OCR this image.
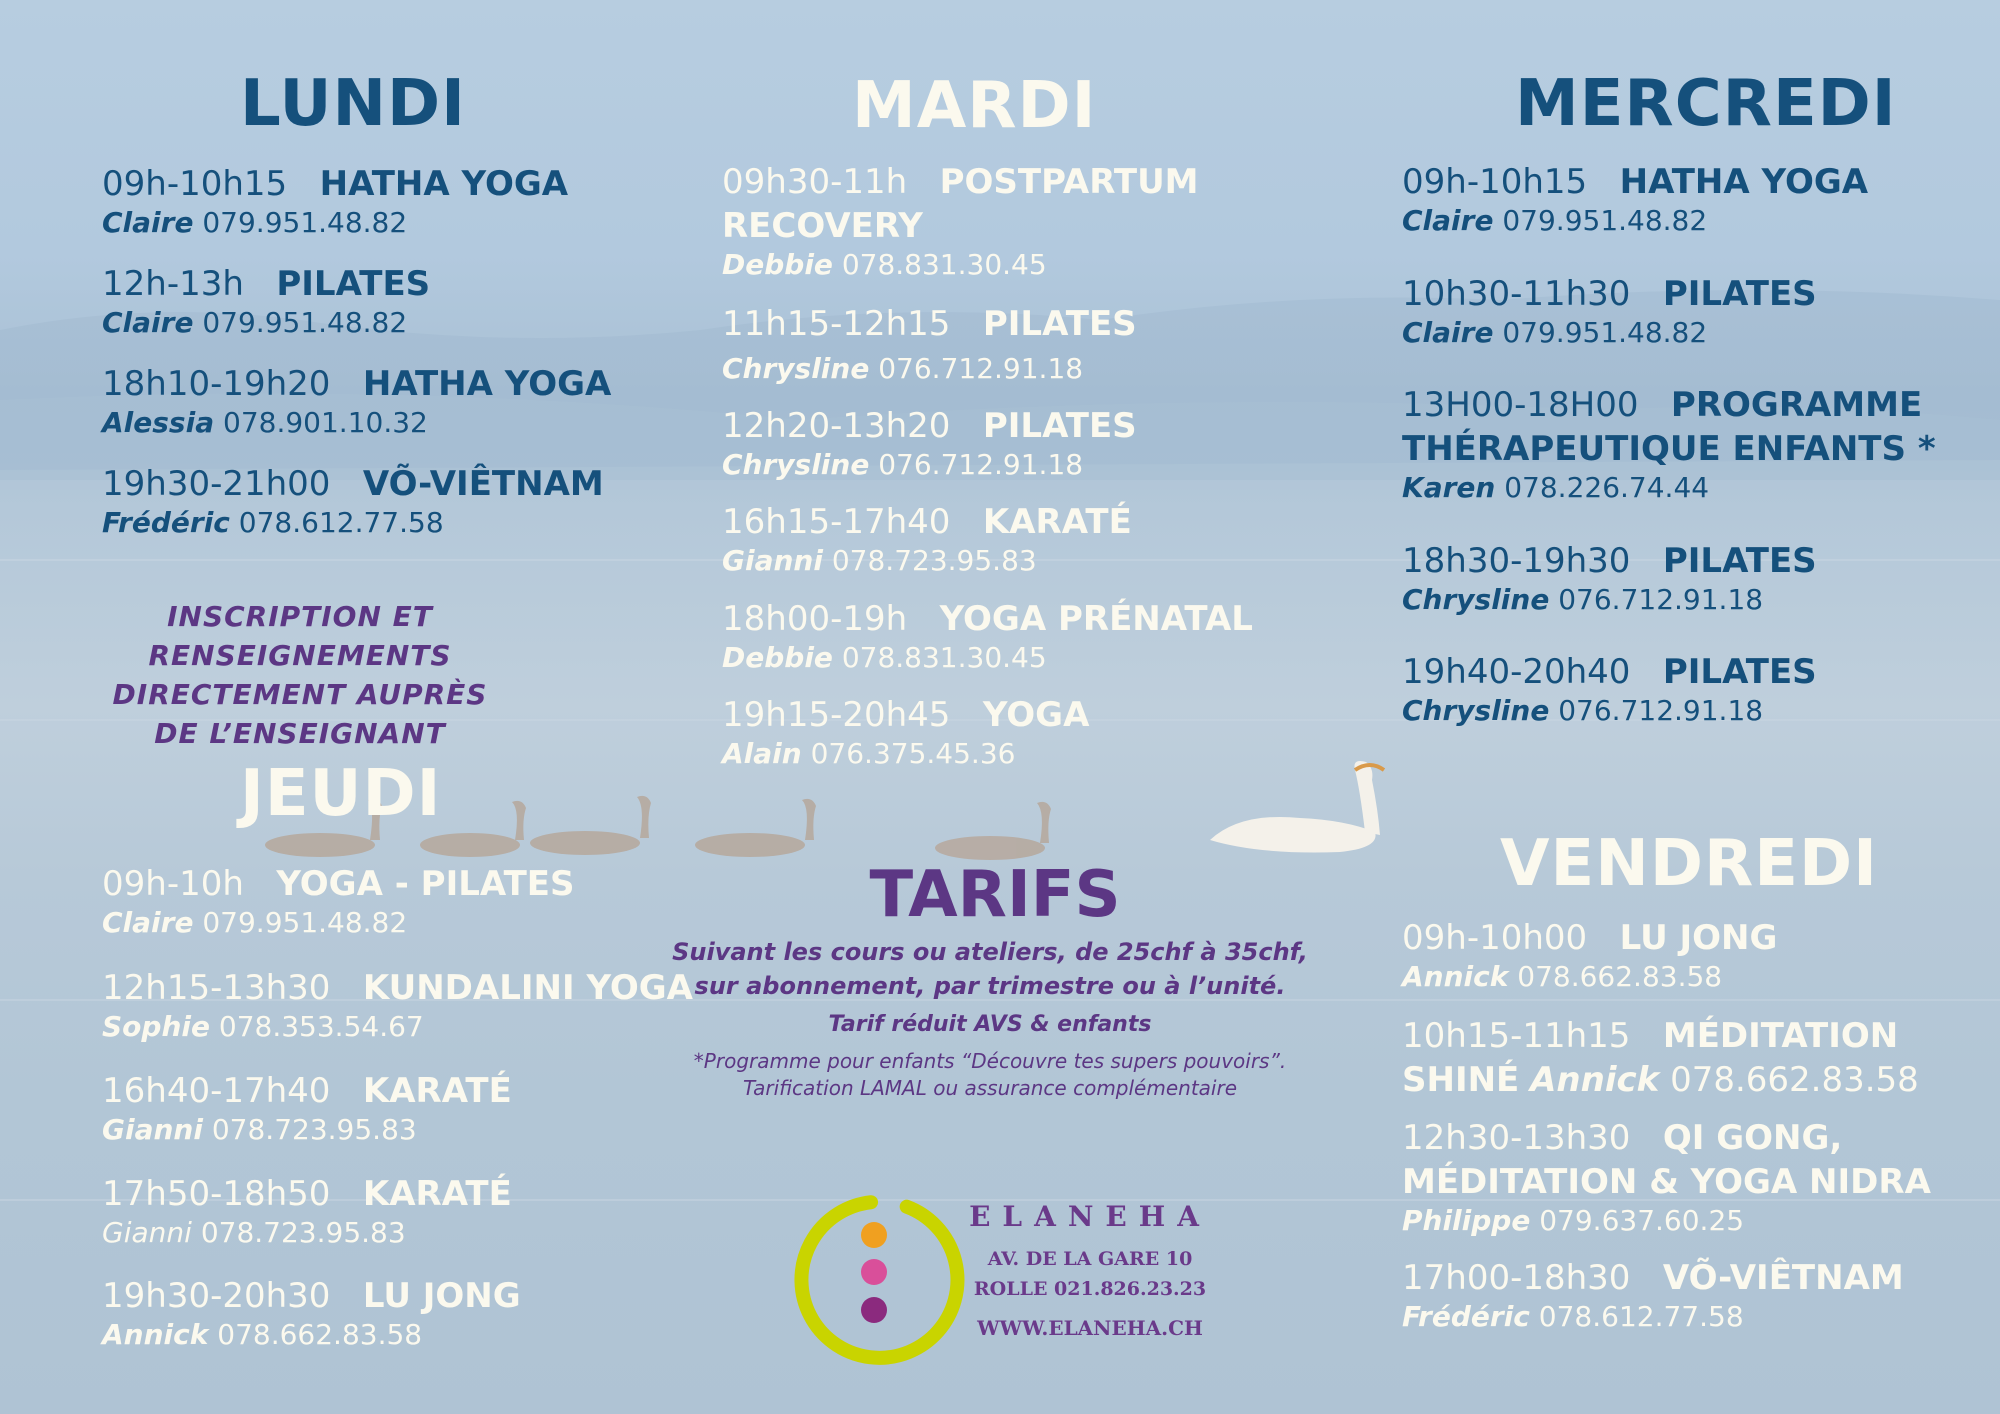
LUNDI
09h-10h15 HATHA YOGA
Claire 079.951.48.82
12h-13h PILATES
Claire 079.951.48.82
18h10-19h20 HATHA YOGA
Alessia 078.901.10.32
19h30-21h00 VÕ-VIÊTNAM
Frédéric 078.612.77.58
INSCRIPTION ET
RENSEIGNEMENTS
DIRECTEMENT AUPRÈS
DE L’ENSEIGNANT
JEUDI
09h-10h YOGA - PILATES
Claire 079.951.48.82
12h15-13h30 KUNDALINI YOGA
Sophie 078.353.54.67
16h40-17h40 KARATÉ
Gianni 078.723.95.83
17h50-18h50 KARATÉ
Gianni 078.723.95.83
19h30-20h30 LU JONG
Annick 078.662.83.58
MARDI
09h30-11h POSTPARTUM
RECOVERY
Debbie 078.831.30.45
11h15-12h15 PILATES
Chrysline 076.712.91.18
12h20-13h20 PILATES
Chrysline 076.712.91.18
16h15-17h40 KARATÉ
Gianni 078.723.95.83
18h00-19h YOGA PRÉNATAL
Debbie 078.831.30.45
19h15-20h45 YOGA
Alain 076.375.45.36
TARIFS
Suivant les cours ou ateliers, de 25chf à 35chf,
sur abonnement, par trimestre ou à l’unité.
Tarif réduit AVS & enfants
*Programme pour enfants “Découvre tes supers pouvoirs”.
Tarification LAMAL ou assurance complémentaire
ELANEHA
AV. DE LA GARE 10
ROLLE 021.826.23.23
WWW.ELANEHA.CH
MERCREDI
09h-10h15 HATHA YOGA
Claire 079.951.48.82
10h30-11h30 PILATES
Claire 079.951.48.82
13H00-18H00 PROGRAMME
THÉRAPEUTIQUE ENFANTS *
Karen 078.226.74.44
18h30-19h30 PILATES
Chrysline 076.712.91.18
19h40-20h40 PILATES
Chrysline 076.712.91.18
VENDREDI
09h-10h00 LU JONG
Annick 078.662.83.58
10h15-11h15 MÉDITATION
SHINÉ Annick 078.662.83.58
12h30-13h30 QI GONG,
MÉDITATION & YOGA NIDRA
Philippe 079.637.60.25
17h00-18h30 VÕ-VIÊTNAM
Frédéric 078.612.77.58
